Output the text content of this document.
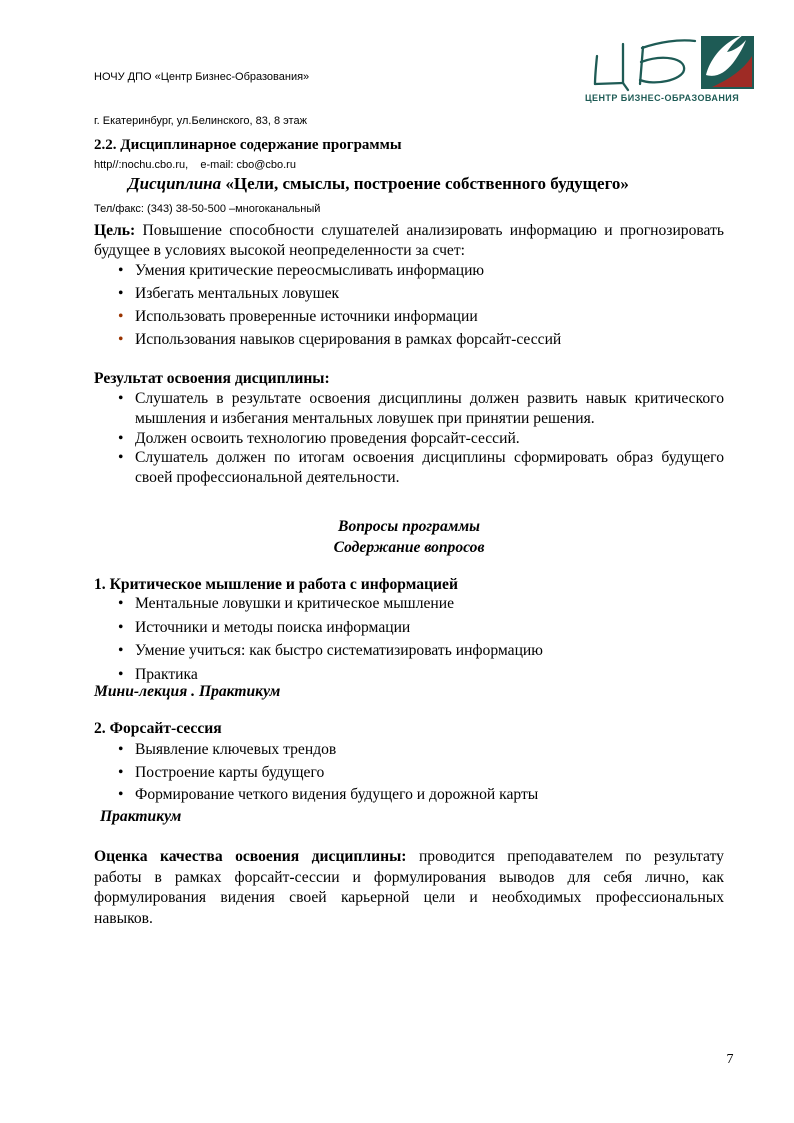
НОЧУ ДПО «Центр Бизнес-Образования»

г. Екатеринбург, ул.Белинского, 83, 8 этаж

http//:nochu.cbo.ru,    e-mail: cbo@cbo.ru

Тел/факс: (343) 38-50-500 –многоканальный

ЦЕНТР БИЗНЕС-ОБРАЗОВАНИЯ
2.2. Дисциплинарное содержание программы
Дисциплина «Цели, смыслы, построение собственного будущего»
Цель: Повышение способности слушателей анализировать информацию и прогнозировать
будущее в условиях высокой неопределенности за счет:
• Умения критические переосмысливать информацию
• Избегать ментальных ловушек
• Использовать проверенные источники информации
• Использования навыков сцерирования в рамках форсайт-сессий
Результат освоения дисциплины:
• Слушатель в результате освоения дисциплины должен развить навык критического
мышления и избегания ментальных ловушек при принятии решения.
• Должен освоить технологию проведения форсайт-сессий.
• Слушатель должен по итогам освоения дисциплины сформировать образ будущего
своей профессиональной деятельности.
Вопросы программы
Содержание вопросов
1. Критическое мышление и работа с информацией
• Ментальные ловушки и критическое мышление
• Источники и методы поиска информации
• Умение учиться: как быстро систематизировать информацию
• Практика
Мини-лекция . Практикум
2. Форсайт-сессия
• Выявление ключевых трендов
• Построение карты будущего
• Формирование четкого видения будущего и дорожной карты
Практикум
Оценка качества освоения дисциплины: проводится преподавателем по результату
работы в рамках форсайт-сессии и формулирования выводов для себя лично, как
формулирования видения своей карьерной цели и необходимых профессиональных
навыков.
7
